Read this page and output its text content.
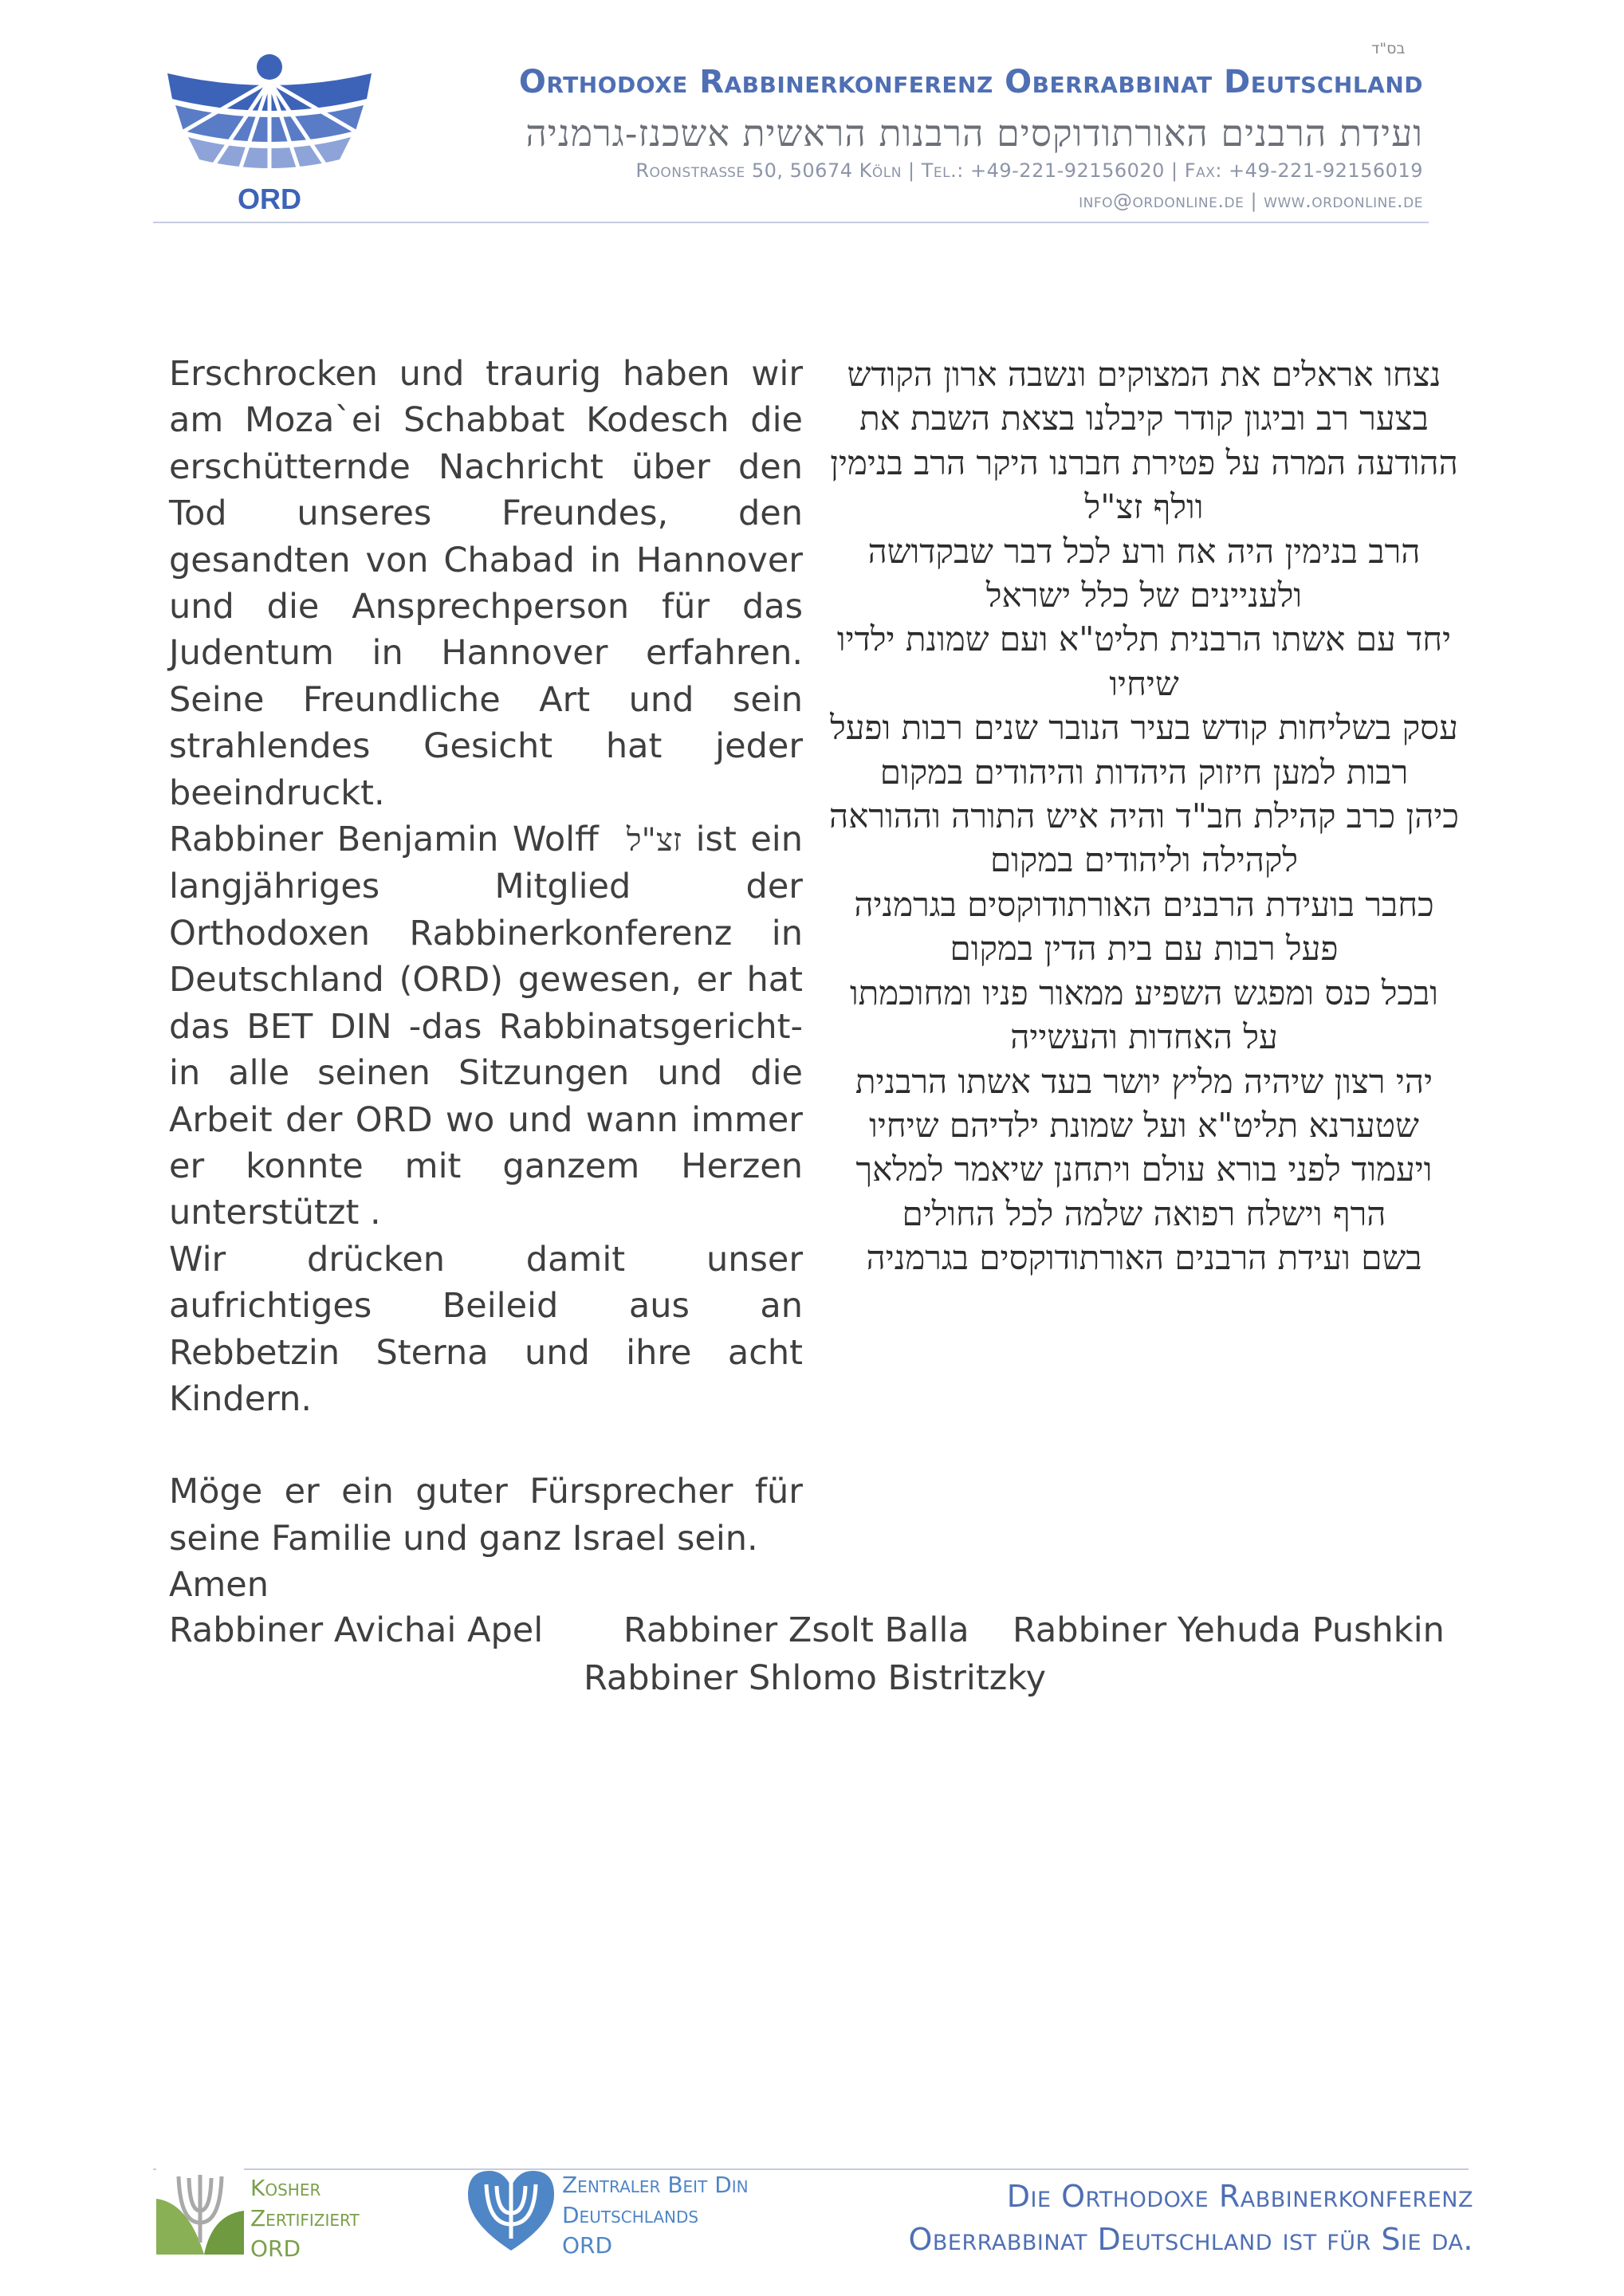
ORD
בס"ד
Orthodoxe Rabbinerkonferenz Oberrabbinat Deutschland
ועידת הרבנים האורתודוקסים הרבנות הראשית אשכנז-גרמניה
Roonstraße 50, 50674 Köln | Tel.: +49-221-92156020 | Fax: +49-221-92156019
info@ordonline.de | www.ordonline.de

Erschrocken und traurig haben wir am Moza`ei Schabbat Kodesch die erschütternde Nachricht über den Tod unseres Freundes, den gesandten von Chabad in Hannover und die Ansprechperson für das Judentum in Hannover erfahren. Seine Freundliche Art und sein strahlendes Gesicht hat jeder beeindruckt.

Rabbiner Benjamin Wolff זצ"ל ist ein langjähriges Mitglied der Orthodoxen Rabbinerkonferenz in Deutschland (ORD) gewesen, er hat das BET DIN -das Rabbinatsgericht- in alle seinen Sitzungen und die Arbeit der ORD wo und wann immer er konnte mit ganzem Herzen unterstützt .

Wir drücken damit unser aufrichtiges Beileid aus an Rebbetzin Sterna und ihre acht Kindern.

Möge er ein guter Fürsprecher für seine Familie und ganz Israel sein.

Amen

נצחו אראלים את המצוקים ונשבה ארון הקודש

בצער רב וביגון קודר קיבלנו בצאת השבת את ההודעה המרה על פטירת חברנו היקר הרב בנימין וולף זצ"ל

הרב בנימין היה אח ורע לכל דבר שבקדושה ולעניינים של כלל ישראל

יחד עם אשתו הרבנית תליט"א ועם שמונת ילדיו שיחיו

עסק בשליחות קודש בעיר הנובר שנים רבות ופעל רבות למען חיזוק היהדות והיהודים במקום

כיהן כרב קהילת חב"ד והיה איש התורה וההוראה לקהילה וליהודים במקום

כחבר בועידת הרבנים האורתודוקסים בגרמניה פעל רבות עם בית הדין במקום

ובכל כנס ומפגש השפיע ממאור פניו ומחוכמתו על האחדות והעשייה

יהי רצון שיהיה מליץ יושר בעד אשתו הרבנית שטערנא תליט"א ועל שמונת ילדיהם שיחיו

ויעמוד לפני בורא עולם ויתחנן שיאמר למלאך הרף וישלח רפואה שלמה לכל החולים

בשם ועידת הרבנים האורתודוקסים בגרמניה

Rabbiner Avichai Apel Rabbiner Zsolt Balla Rabbiner Yehuda Pushkin
Rabbiner Shlomo Bistritzky
Kosher
Zertifiziert
ORD
Zentraler Beit Din
Deutschlands
ORD
Die Orthodoxe Rabbinerkonferenz
Oberrabbinat Deutschland ist für Sie da.
